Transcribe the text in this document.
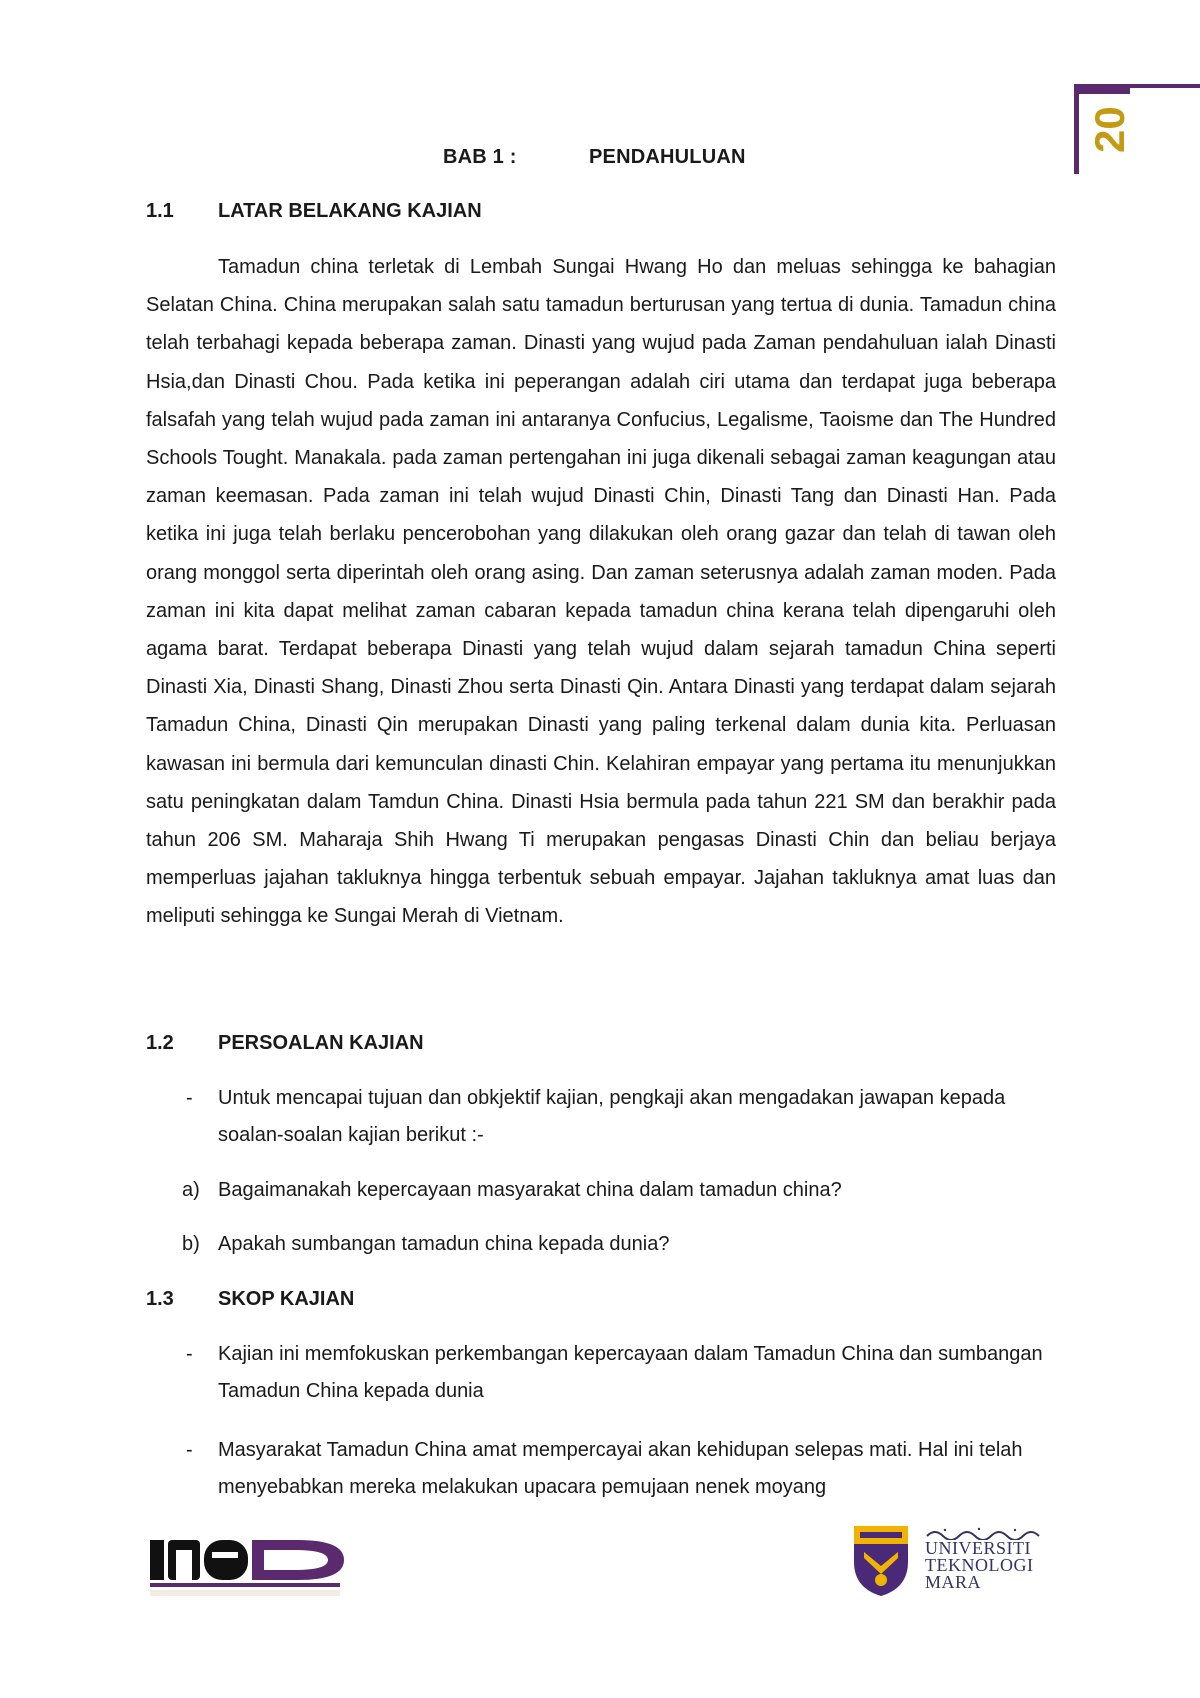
20
BAB 1 :	PENDAHULUAN
1.1 LATAR BELAKANG KAJIAN

Tamadun china terletak di Lembah Sungai Hwang Ho dan meluas sehingga ke bahagian Selatan China. China merupakan salah satu tamadun berturusan yang tertua di dunia. Tamadun china telah terbahagi kepada beberapa zaman. Dinasti yang wujud pada Zaman pendahuluan ialah Dinasti Hsia,dan Dinasti Chou. Pada ketika ini peperangan adalah ciri utama dan terdapat juga beberapa falsafah yang telah wujud pada zaman ini antaranya Confucius, Legalisme, Taoisme dan The Hundred Schools Tought. Manakala. pada zaman pertengahan ini juga dikenali sebagai zaman keagungan atau zaman keemasan. Pada zaman ini telah wujud Dinasti Chin, Dinasti Tang dan Dinasti Han. Pada ketika ini juga telah berlaku pencerobohan yang dilakukan oleh orang gazar dan telah di tawan oleh orang monggol serta diperintah oleh orang asing. Dan zaman seterusnya adalah zaman moden. Pada zaman ini kita dapat melihat zaman cabaran kepada tamadun china kerana telah dipengaruhi oleh agama barat. Terdapat beberapa Dinasti yang telah wujud dalam sejarah tamadun China seperti Dinasti Xia, Dinasti Shang, Dinasti Zhou serta Dinasti Qin. Antara Dinasti yang terdapat dalam sejarah Tamadun China, Dinasti Qin merupakan Dinasti yang paling terkenal dalam dunia kita. Perluasan kawasan ini bermula dari kemunculan dinasti Chin. Kelahiran empayar yang pertama itu menunjukkan satu peningkatan dalam Tamdun China. Dinasti Hsia bermula pada tahun 221 SM dan berakhir pada tahun 206 SM. Maharaja Shih Hwang Ti merupakan pengasas Dinasti Chin dan beliau berjaya memperluas jajahan takluknya hingga terbentuk sebuah empayar. Jajahan takluknya amat luas dan meliputi sehingga ke Sungai Merah di Vietnam.

1.2 PERSOALAN KAJIAN
- Untuk mencapai tujuan dan obkjektif kajian, pengkaji akan mengadakan jawapan kepada soalan-soalan kajian berikut :-
a) Bagaimanakah kepercayaan masyarakat china dalam tamadun china?
b) Apakah sumbangan tamadun china kepada dunia?
1.3 SKOP KAJIAN
- Kajian ini memfokuskan perkembangan kepercayaan dalam Tamadun China dan sumbangan Tamadun China kepada dunia
- Masyarakat Tamadun China amat mempercayai akan kehidupan selepas mati. Hal ini telah menyebabkan mereka melakukan upacara pemujaan nenek moyang
UNIVERSITI
TEKNOLOGI
MARA
